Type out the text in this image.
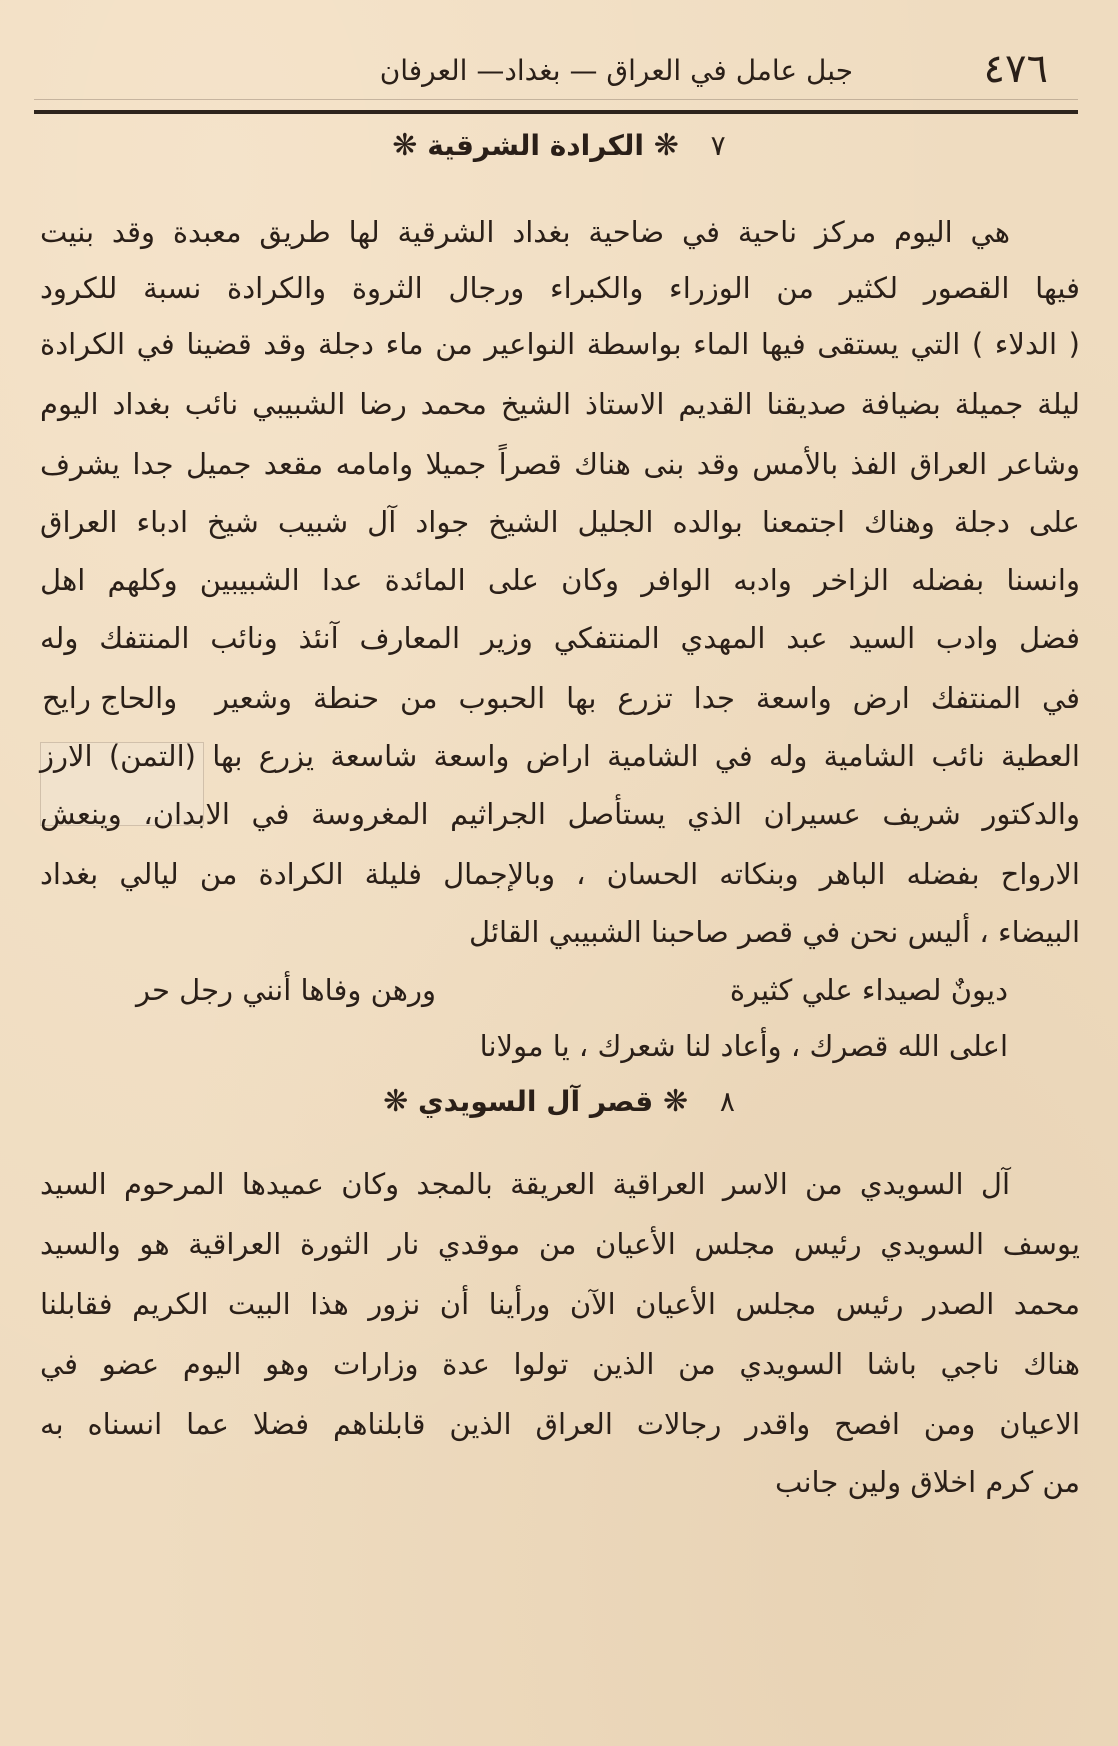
٤٧٦
جبل عامل في العراق — بغداد— العرفان
٧ ❋ الكرادة الشرقية ❋
هي اليوم مركز ناحية في ضاحية بغداد الشرقية لها طريق معبدة وقد بنيت
فيها القصور لكثير من الوزراء والكبراء ورجال الثروة والكرادة نسبة للكرود
( الدلاء ) التي يستقى فيها الماء بواسطة النواعير من ماء دجلة وقد قضينا في الكرادة
ليلة جميلة بضيافة صديقنا القديم الاستاذ الشيخ محمد رضا الشبيبي نائب بغداد اليوم
وشاعر العراق الفذ بالأمس وقد بنى هناك قصراً جميلا وامامه مقعد جميل جدا يشرف
على دجلة وهناك اجتمعنا بوالده الجليل الشيخ جواد آل شبيب شيخ ادباء العراق
وانسنا بفضله الزاخر وادبه الوافر وكان على المائدة عدا الشبيبين وكلهم اهل
فضل وادب السيد عبد المهدي المنتفكي وزير المعارف آنئذ ونائب المنتفك وله
في المنتفك ارض واسعة جدا تزرع بها الحبوب من حنطة وشعير
والحاج رايح
العطية نائب الشامية وله في الشامية اراض واسعة شاسعة يزرع بها (التمن) الارز
والدكتور شريف عسيران الذي يستأصل الجراثيم المغروسة في الابدان، وينعش
الارواح بفضله الباهر وبنكاته الحسان ، وبالإجمال فليلة الكرادة من ليالي بغداد
البيضاء ، أليس نحن في قصر صاحبنا الشبيبي القائل
ديونٌ لصيداء علي كثيرة
ورهن وفاها أنني رجل حر
اعلى الله قصرك ، وأعاد لنا شعرك ، يا مولانا
٨ ❋ قصر آل السويدي ❋
آل السويدي من الاسر العراقية العريقة بالمجد وكان عميدها المرحوم السيد
يوسف السويدي رئيس مجلس الأعيان من موقدي نار الثورة العراقية هو والسيد
محمد الصدر رئيس مجلس الأعيان الآن ورأينا أن نزور هذا البيت الكريم فقابلنا
هناك ناجي باشا السويدي من الذين تولوا عدة وزارات وهو اليوم عضو في
الاعيان ومن افصح واقدر رجالات العراق الذين قابلناهم فضلا عما انسناه به
من كرم اخلاق ولين جانب
